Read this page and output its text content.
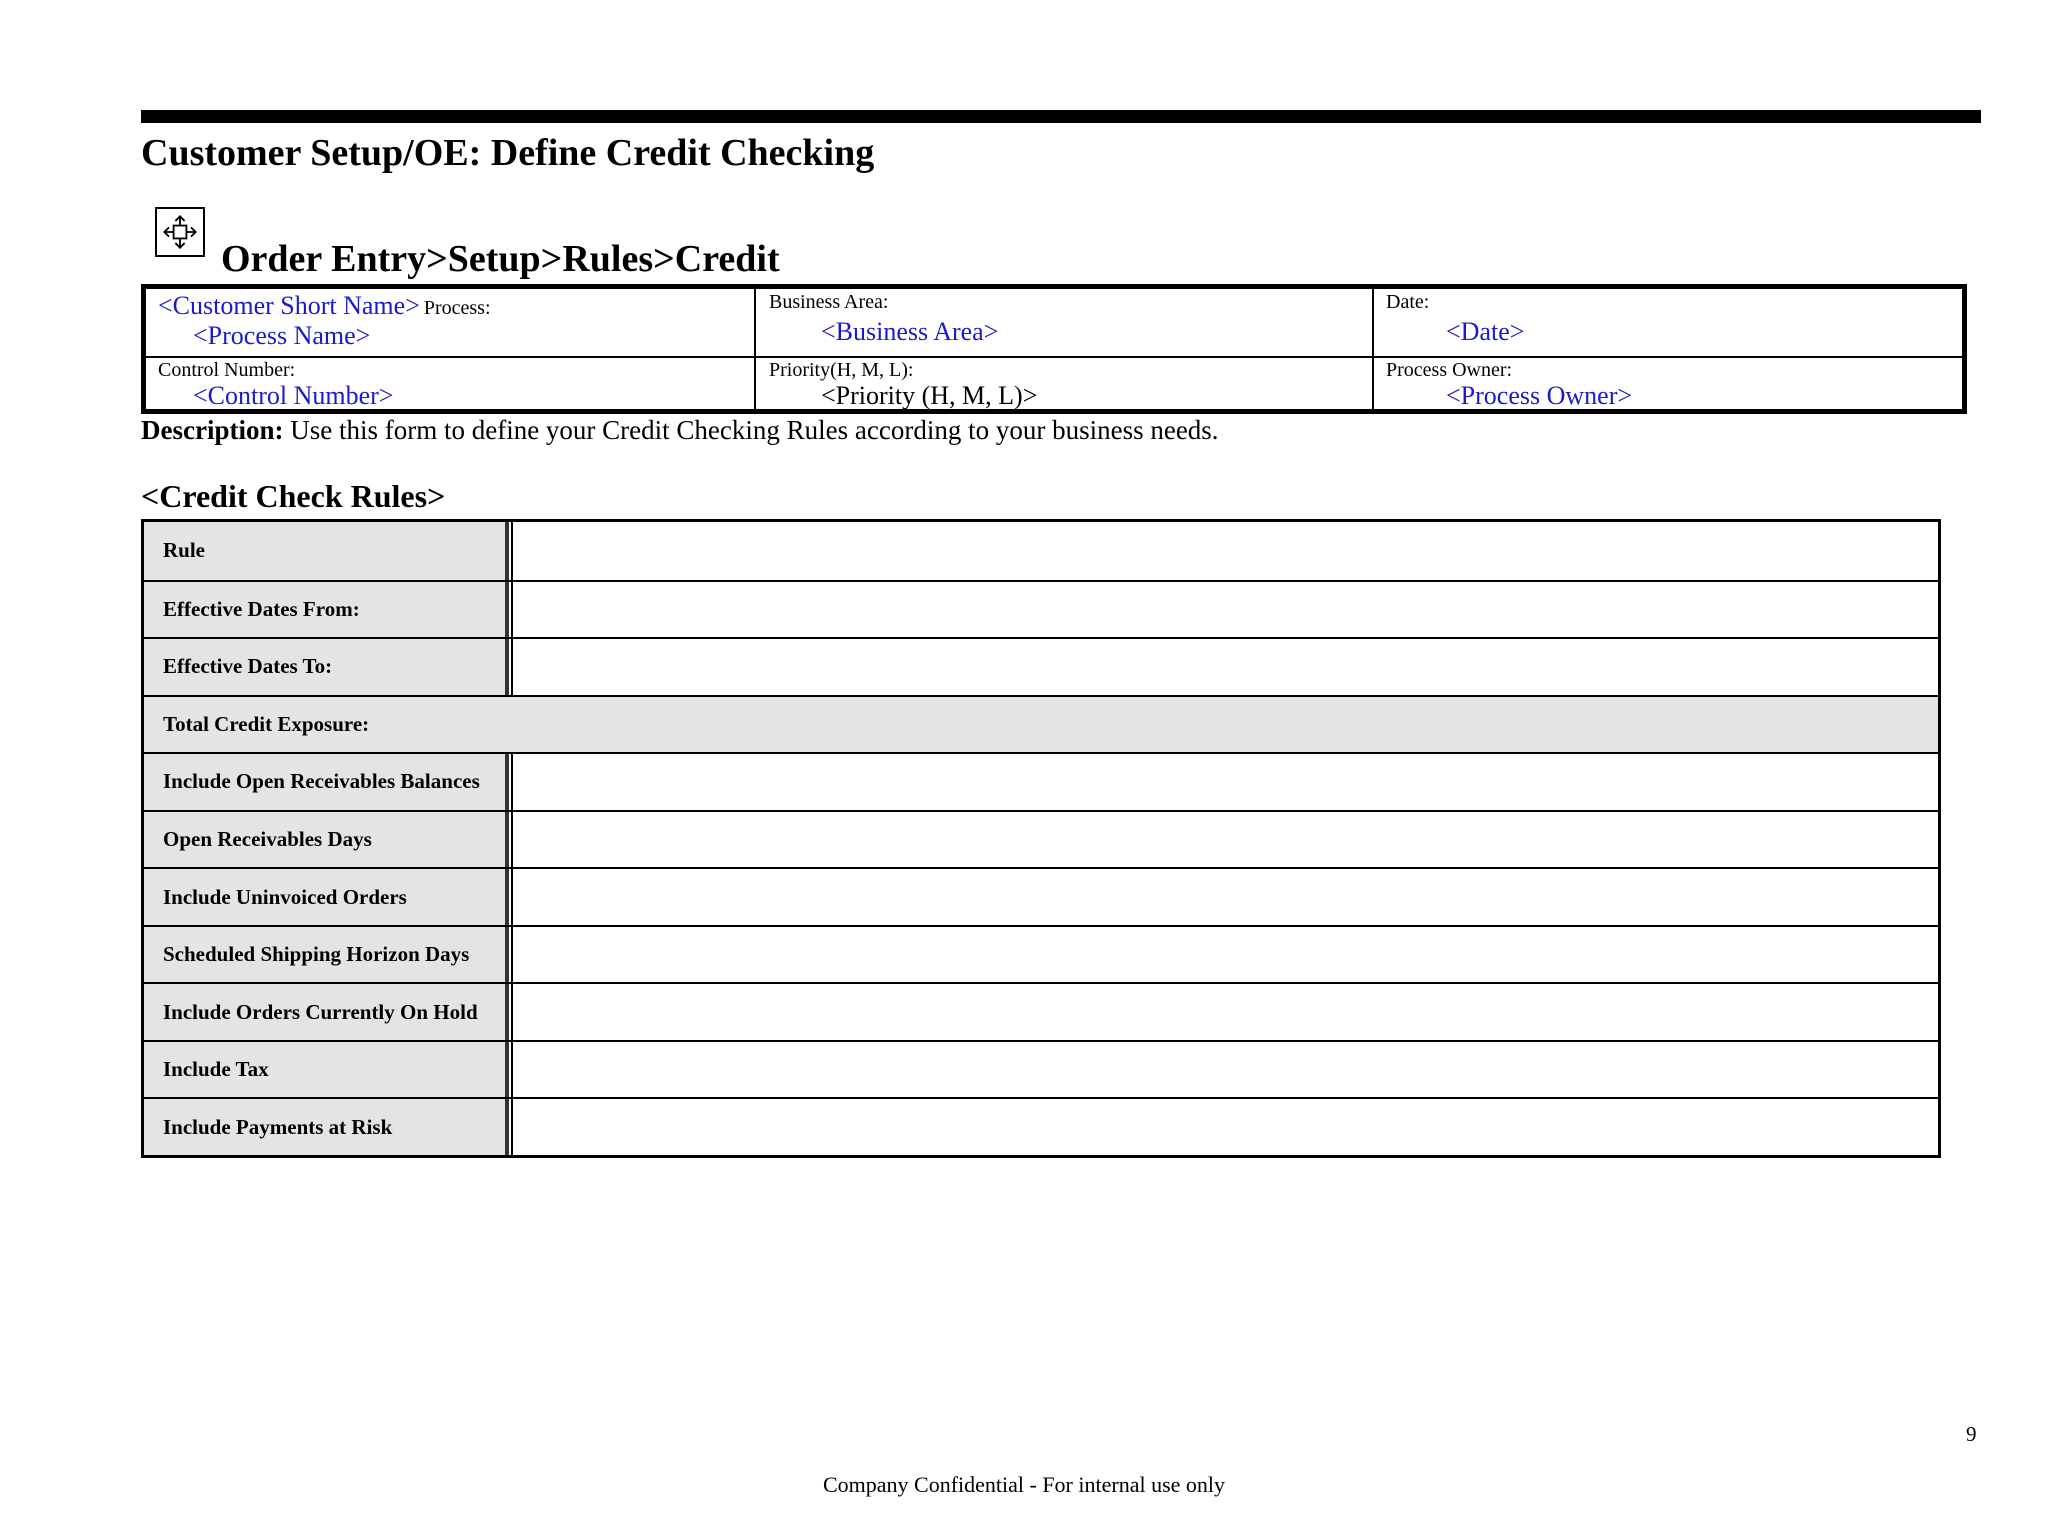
Customer Setup/OE: Define Credit Checking
Order Entry>Setup>Rules>Credit
<Customer Short Name> Process:
<Process Name>
Business Area:
<Business Area>
Date:
<Date>
Control Number:
<Control Number>
Priority(H, M, L):
<Priority (H, M, L)>
Process Owner:
<Process Owner>
Description: Use this form to define your Credit Checking Rules according to your business needs.
<Credit Check Rules>
Rule
Effective Dates From:
Effective Dates To:
Total Credit Exposure:
Include Open Receivables Balances
Open Receivables Days
Include Uninvoiced Orders
Scheduled Shipping Horizon Days
Include Orders Currently On Hold
Include Tax
Include Payments at Risk
9
Company Confidential - For internal use only
